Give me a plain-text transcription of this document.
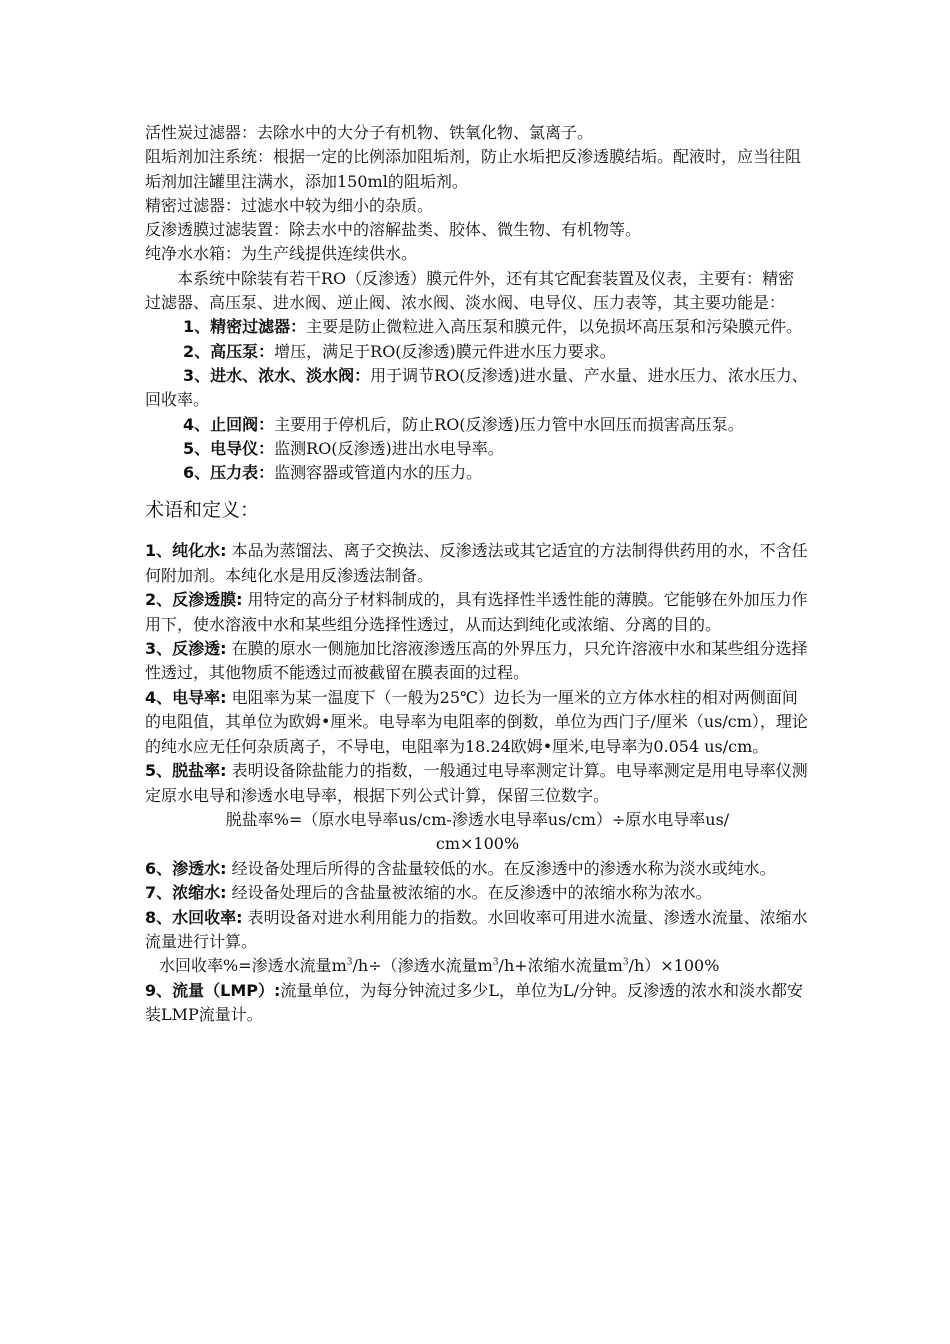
活性炭过滤器：去除水中的大分子有机物、铁氧化物、氯离子。

阻垢剂加注系统：根据一定的比例添加阻垢剂，防止水垢把反渗透膜结垢。配液时，应当往阻垢剂加注罐里注满水，添加150ml的阻垢剂。

精密过滤器：过滤水中较为细小的杂质。

反渗透膜过滤装置：除去水中的溶解盐类、胶体、微生物、有机物等。

纯净水水箱：为生产线提供连续供水。

本系统中除装有若干RO（反渗透）膜元件外，还有其它配套装置及仪表，主要有：精密过滤器、高压泵、进水阀、逆止阀、浓水阀、淡水阀、电导仪、压力表等，其主要功能是：

1、精密过滤器：主要是防止微粒进入高压泵和膜元件，以免损坏高压泵和污染膜元件。

2、高压泵：增压，满足于RO(反渗透)膜元件进水压力要求。

3、进水、浓水、淡水阀：用于调节RO(反渗透)进水量、产水量、进水压力、浓水压力、回收率。

4、止回阀：主要用于停机后，防止RO(反渗透)压力管中水回压而损害高压泵。

5、电导仪：监测RO(反渗透)进出水电导率。

6、压力表：监测容器或管道内水的压力。

术语和定义：

1、纯化水: 本品为蒸馏法、离子交换法、反渗透法或其它适宜的方法制得供药用的水，不含任何附加剂。本纯化水是用反渗透法制备。

2、反渗透膜: 用特定的高分子材料制成的，具有选择性半透性能的薄膜。它能够在外加压力作用下，使水溶液中水和某些组分选择性透过，从而达到纯化或浓缩、分离的目的。

3、反渗透: 在膜的原水一侧施加比溶液渗透压高的外界压力，只允许溶液中水和某些组分选择性透过，其他物质不能透过而被截留在膜表面的过程。

4、电导率: 电阻率为某一温度下（一般为25℃）边长为一厘米的立方体水柱的相对两侧面间的电阻值，其单位为欧姆•厘米。电导率为电阻率的倒数，单位为西门子/厘米（us/cm），理论的纯水应无任何杂质离子，不导电，电阻率为18.24欧姆•厘米,电导率为0.054 us/cm。

5、脱盐率: 表明设备除盐能力的指数，一般通过电导率测定计算。电导率测定是用电导率仪测定原水电导和渗透水电导率，根据下列公式计算，保留三位数字。

脱盐率%=（原水电导率us/cm-渗透水电导率us/cm）÷原水电导率us/

cm×100%

6、渗透水: 经设备处理后所得的含盐量较低的水。在反渗透中的渗透水称为淡水或纯水。

7、浓缩水: 经设备处理后的含盐量被浓缩的水。在反渗透中的浓缩水称为浓水。

8、水回收率: 表明设备对进水利用能力的指数。水回收率可用进水流量、渗透水流量、浓缩水流量进行计算。

水回收率%=渗透水流量$m^3/h\div$（渗透水流量$m^3/h+$浓缩水流量$m^3/h)\times 100\%$

9、流量（LMP）:流量单位，为每分钟流过多少L，单位为L/分钟。反渗透的浓水和淡水都安装LMP流量计。
